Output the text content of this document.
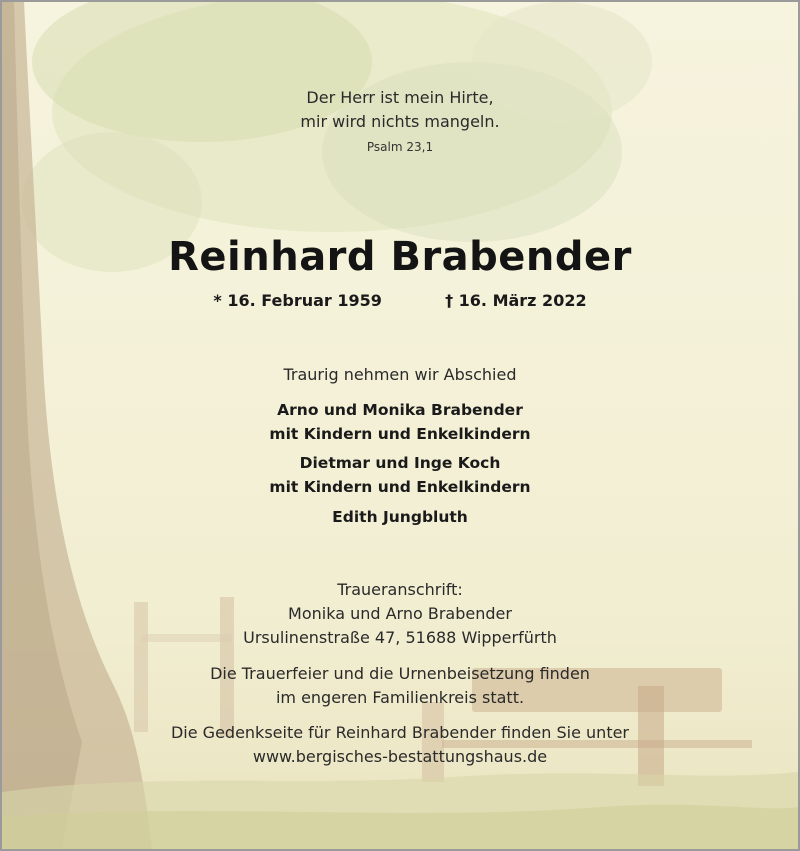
Der Herr ist mein Hirte,
mir wird nichts mangeln.
Psalm 23,1
Reinhard Brabender
* 16. Februar 1959	† 16. März 2022
Traurig nehmen wir Abschied
Arno und Monika Brabender
mit Kindern und Enkelkindern
Dietmar und Inge Koch
mit Kindern und Enkelkindern
Edith Jungbluth
Traueranschrift:
Monika und Arno Brabender
Ursulinenstraße 47, 51688 Wipperfürth
Die Trauerfeier und die Urnenbeisetzung finden
im engeren Familienkreis statt.
Die Gedenkseite für Reinhard Brabender finden Sie unter
www.bergisches-bestattungshaus.de
